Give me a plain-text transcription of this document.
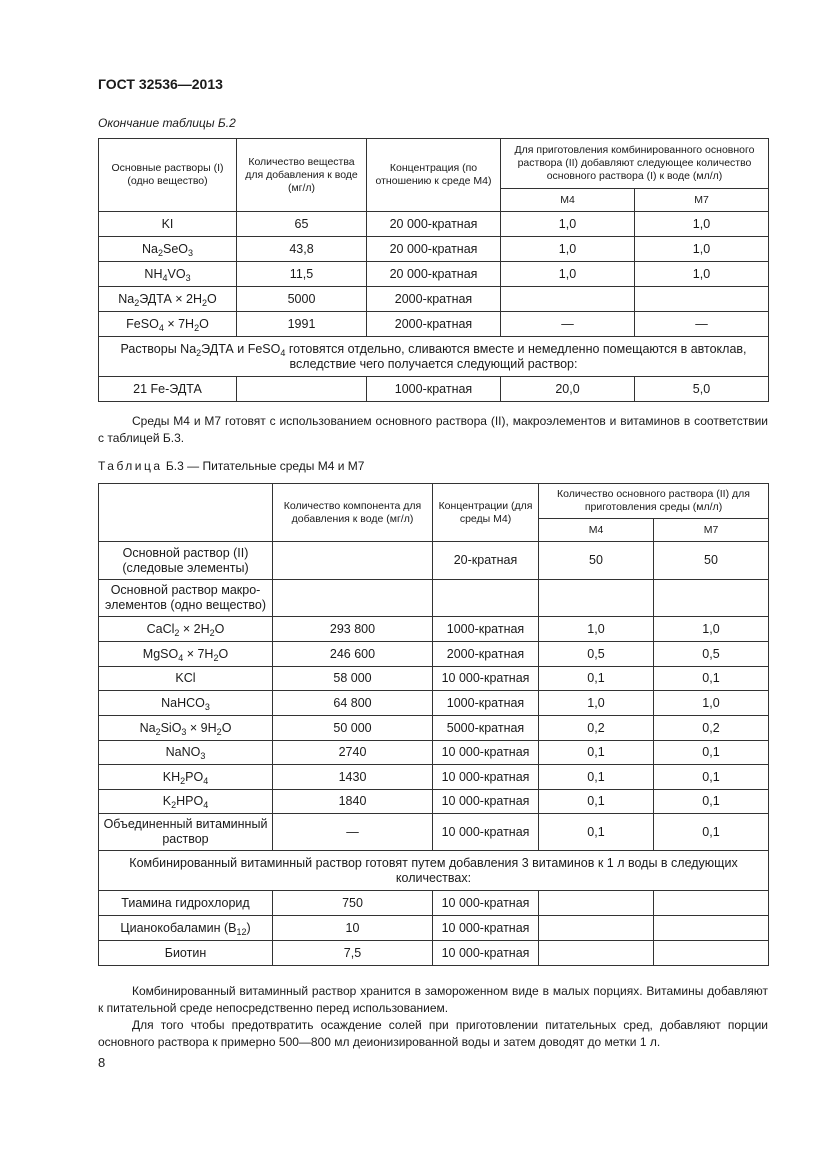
ГОСТ 32536—2013
Окончание таблицы Б.2
Основные растворы (I) (одно вещество)	Количество вещества для добавления к воде (мг/л)	Концентрация (по отношению к среде М4)	Для приготовления комбинированного основного раствора (II) добавляют следующее количество основного раствора (I) к воде (мл/л)	
			М4	М7
KI	65	20 000-кратная	1,0	1,0
$Na_2SeO_3$	43,8	20 000-кратная	1,0	1,0
$NH_4VO_3$	11,5	20 000-кратная	1,0	1,0
$Na_2ЭДТА \times 2H_2O$	5000	2000-кратная		
FeSO$_4$ × $7H_2O$	1991	2000-кратная	—	—
Растворы $Na_2ЭДТА$ и FeSO$_4$ готовятся отдельно, сливаются вместе и немедленно помещаются в автоклав, вследствие чего получается следующий раствор:				
21 Fe-ЭДТА		1000-кратная	20,0	5,0
Среды М4 и М7 готовят с использованием основного раствора (II), макроэлементов и витаминов в соответствии с таблицей Б.3.
Таблица Б.3 — Питательные среды М4 и М7
	Количество компонента для добавления к воде (мг/л)	Концентрации (для среды М4)	Количество основного раствора (II) для приготовления среды (мл/л)	
			М4	М7
Основной раствор (II) (следовые элементы)		20-кратная	50	50
Основной раствор макро-элементов (одно вещество)				
CaCl$_2$ × $2H_2O$	293 800	1000-кратная	1,0	1,0
MgSO$_4$ × $7H_2O$	246 600	2000-кратная	0,5	0,5
KCl	58 000	10 000-кратная	0,1	0,1
NaHCO$_3$	64 800	1000-кратная	1,0	1,0
$Na_2SiO_3 \times 9H_2O$	50 000	5000-кратная	0,2	0,2
NaNO$_3$	2740	10 000-кратная	0,1	0,1
$KH_2PO_4$	1430	10 000-кратная	0,1	0,1
$K_2HPO_4$	1840	10 000-кратная	0,1	0,1
Объединенный витаминный раствор	—	10 000-кратная	0,1	0,1
Комбинированный витаминный раствор готовят путем добавления 3 витаминов к 1 л воды в следующих количествах:				
Тиамина гидрохлорид	750	10 000-кратная		
Цианокобаламин $(B_{12})$	10	10 000-кратная		
Биотин	7,5	10 000-кратная		
Комбинированный витаминный раствор хранится в замороженном виде в малых порциях. Витамины добавляют к питательной среде непосредственно перед использованием.
Для того чтобы предотвратить осаждение солей при приготовлении питательных сред, добавляют порции основного раствора к примерно 500—800 мл деионизированной воды и затем доводят до метки 1 л.
8
